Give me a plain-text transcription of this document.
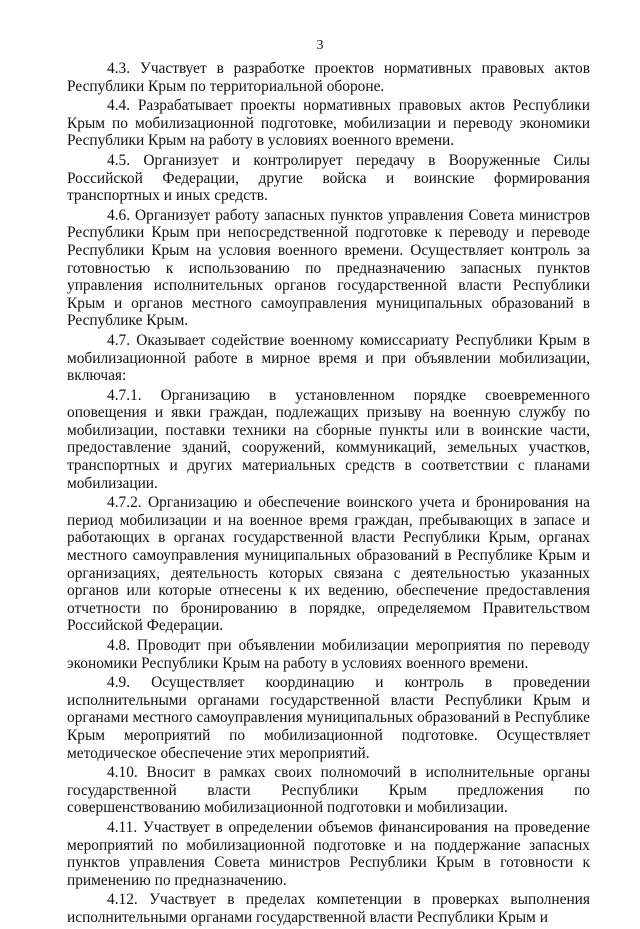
3

4.3. Участвует в разработке проектов нормативных правовых актов Республики Крым по территориальной обороне.

4.4. Разрабатывает проекты нормативных правовых актов Республики Крым по мобилизационной подготовке, мобилизации и переводу экономики Республики Крым на работу в условиях военного времени.

4.5. Организует и контролирует передачу в Вооруженные Силы Российской Федерации, другие войска и воинские формирования транспортных и иных средств.

4.6. Организует работу запасных пунктов управления Совета министров Республики Крым при непосредственной подготовке к переводу и переводе Республики Крым на условия военного времени. Осуществляет контроль за готовностью к использованию по предназначению запасных пунктов управления исполнительных органов государственной власти Республики Крым и органов местного самоуправления муниципальных образований в Республике Крым.

4.7. Оказывает содействие военному комиссариату Республики Крым в мобилизационной работе в мирное время и при объявлении мобилизации, включая:

4.7.1. Организацию в установленном порядке своевременного оповещения и явки граждан, подлежащих призыву на военную службу по мобилизации, поставки техники на сборные пункты или в воинские части, предоставление зданий, сооружений, коммуникаций, земельных участков, транспортных и других материальных средств в соответствии с планами мобилизации.

4.7.2. Организацию и обеспечение воинского учета и бронирования на период мобилизации и на военное время граждан, пребывающих в запасе и работающих в органах государственной власти Республики Крым, органах местного самоуправления муниципальных образований в Республике Крым и организациях, деятельность которых связана с деятельностью указанных органов или которые отнесены к их ведению, обеспечение предоставления отчетности по бронированию в порядке, определяемом Правительством Российской Федерации.

4.8. Проводит при объявлении мобилизации мероприятия по переводу экономики Республики Крым на работу в условиях военного времени.

4.9. Осуществляет координацию и контроль в проведении исполнительными органами государственной власти Республики Крым и органами местного самоуправления муниципальных образований в Республике Крым мероприятий по мобилизационной подготовке. Осуществляет методическое обеспечение этих мероприятий.

4.10. Вносит в рамках своих полномочий в исполнительные органы государственной власти Республики Крым предложения по совершенствованию мобилизационной подготовки и мобилизации.

4.11. Участвует в определении объемов финансирования на проведение мероприятий по мобилизационной подготовке и на поддержание запасных пунктов управления Совета министров Республики Крым в готовности к применению по предназначению.

4.12. Участвует в пределах компетенции в проверках выполнения исполнительными органами государственной власти Республики Крым и
